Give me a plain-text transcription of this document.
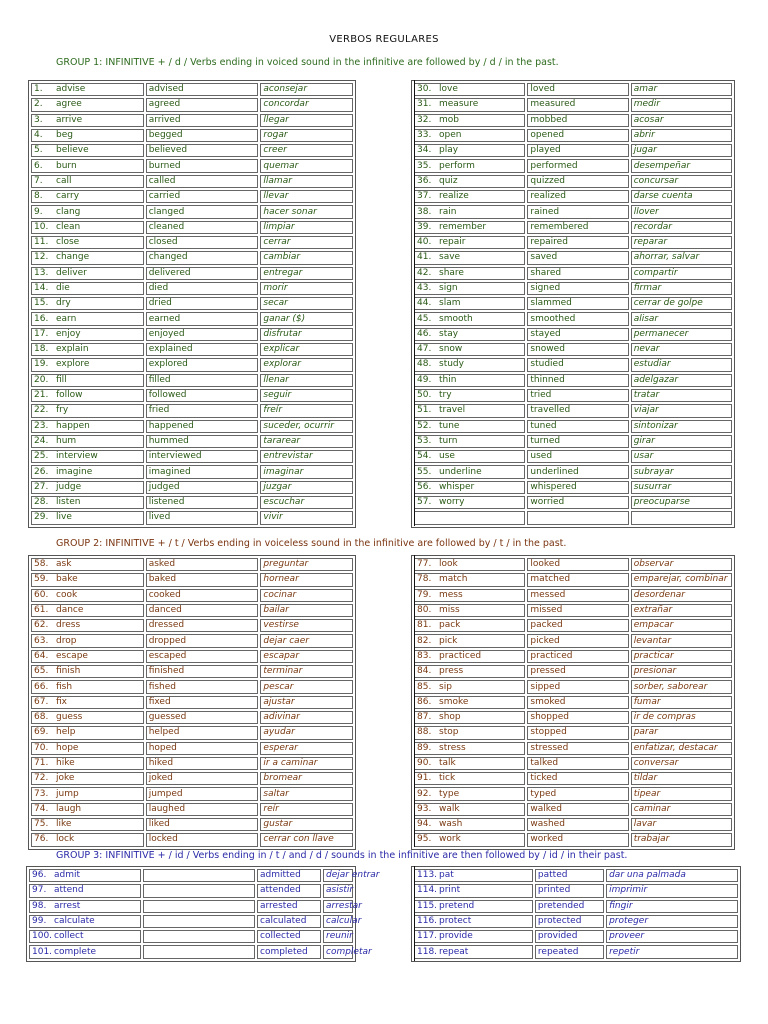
VERBOS REGULARES
GROUP 1: INFINITIVE + / d / Verbs ending in voiced sound in the infinitive are followed by / d / in the past.
1. advise	advised	aconsejar
2. agree	agreed	concordar
3. arrive	arrived	llegar
4. beg	begged	rogar
5. believe	believed	creer
6. burn	burned	quemar
7. call	called	llamar
8. carry	carried	llevar
9. clang	clanged	hacer sonar
10. clean	cleaned	limpiar
11. close	closed	cerrar
12. change	changed	cambiar
13. deliver	delivered	entregar
14. die	died	morir
15. dry	dried	secar
16. earn	earned	ganar ($)
17. enjoy	enjoyed	disfrutar
18. explain	explained	explicar
19. explore	explored	explorar
20. fill	filled	llenar
21. follow	followed	seguir
22. fry	fried	freír
23. happen	happened	suceder, ocurrir
24. hum	hummed	tararear
25. interview	interviewed	entrevistar
26. imagine	imagined	imaginar
27. judge	judged	juzgar
28. listen	listened	escuchar
29. live	lived	vivir
30. love	loved	amar
31. measure	measured	medir
32. mob	mobbed	acosar
33. open	opened	abrir
34. play	played	jugar
35. perform	performed	desempeñar
36. quiz	quizzed	concursar
37. realize	realized	darse cuenta
38. rain	rained	llover
39. remember	remembered	recordar
40. repair	repaired	reparar
41. save	saved	ahorrar, salvar
42. share	shared	compartir
43. sign	signed	firmar
44. slam	slammed	cerrar de golpe
45. smooth	smoothed	alisar
46. stay	stayed	permanecer
47. snow	snowed	nevar
48. study	studied	estudiar
49. thin	thinned	adelgazar
50. try	tried	tratar
51. travel	travelled	viajar
52. tune	tuned	sintonizar
53. turn	turned	girar
54. use	used	usar
55. underline	underlined	subrayar
56. whisper	whispered	susurrar
57. worry	worried	preocuparse

GROUP 2: INFINITIVE + / t / Verbs ending in voiceless sound in the infinitive are followed by / t / in the past.
58. ask	asked	preguntar
59. bake	baked	hornear
60. cook	cooked	cocinar
61. dance	danced	bailar
62. dress	dressed	vestirse
63. drop	dropped	dejar caer
64. escape	escaped	escapar
65. finish	finished	terminar
66. fish	fished	pescar
67. fix	fixed	ajustar
68. guess	guessed	adivinar
69. help	helped	ayudar
70. hope	hoped	esperar
71. hike	hiked	ir a caminar
72. joke	joked	bromear
73. jump	jumped	saltar
74. laugh	laughed	reír
75. like	liked	gustar
76. lock	locked	cerrar con llave
77. look	looked	observar
78. match	matched	emparejar, combinar
79. mess	messed	desordenar
80. miss	missed	extrañar
81. pack	packed	empacar
82. pick	picked	levantar
83. practiced	practiced	practicar
84. press	pressed	presionar
85. sip	sipped	sorber, saborear
86. smoke	smoked	fumar
87. shop	shopped	ir de compras
88. stop	stopped	parar
89. stress	stressed	enfatizar, destacar
90. talk	talked	conversar
91. tick	ticked	tildar
92. type	typed	tipear
93. walk	walked	caminar
94. wash	washed	lavar
95. work	worked	trabajar
GROUP 3: INFINITIVE + / id / Verbs ending in / t / and / d / sounds in the infinitive are then followed by / id / in their past.
96. admit		admitted	dejar entrar
97. attend		attended	asistir
98. arrest		arrested	arrestar
99. calculate		calculated	calcular
100. collect		collected	reunir
101. complete		completed	completar
113. pat	patted	dar una palmada
114. print	printed	imprimir
115. pretend	pretended	fingir
116. protect	protected	proteger
117. provide	provided	proveer
118. repeat	repeated	repetir
